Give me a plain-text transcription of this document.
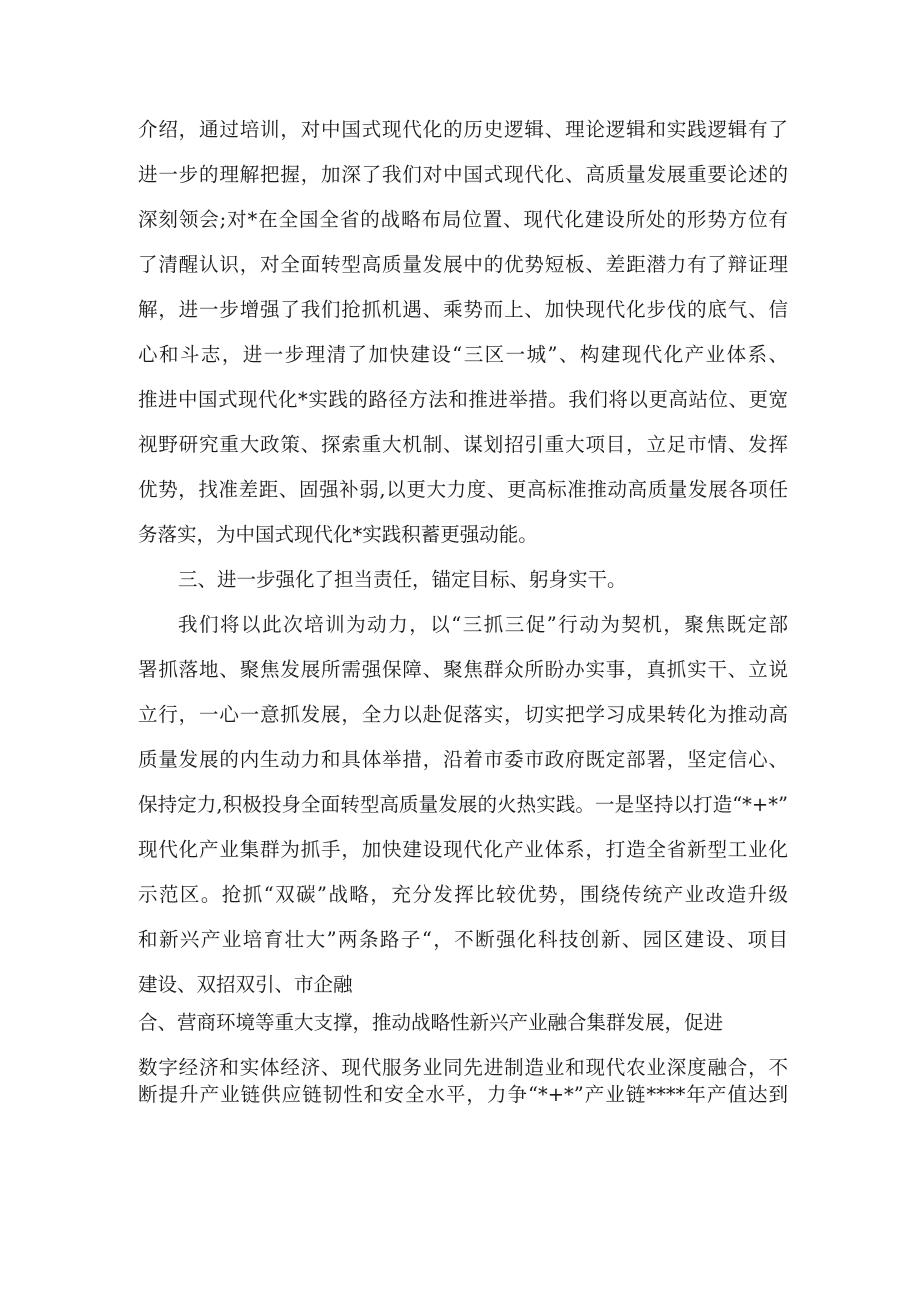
介绍，通过培训，对中国式现代化的历史逻辑、理论逻辑和实践逻辑有了
进一步的理解把握，加深了我们对中国式现代化、高质量发展重要论述的
深刻领会;对*在全国全省的战略布局位置、现代化建设所处的形势方位有
了清醒认识，对全面转型高质量发展中的优势短板、差距潜力有了辩证理
解，进一步增强了我们抢抓机遇、乘势而上、加快现代化步伐的底气、信
心和斗志，进一步理清了加快建设“三区一城”、构建现代化产业体系、
推进中国式现代化*实践的路径方法和推进举措。我们将以更高站位、更宽
视野研究重大政策、探索重大机制、谋划招引重大项目，立足市情、发挥
优势，找准差距、固强补弱,以更大力度、更高标准推动高质量发展各项任
务落实，为中国式现代化*实践积蓄更强动能。
三、进一步强化了担当责任，锚定目标、躬身实干。
我们将以此次培训为动力，以“三抓三促”行动为契机，聚焦既定部
署抓落地、聚焦发展所需强保障、聚焦群众所盼办实事，真抓实干、立说
立行，一心一意抓发展，全力以赴促落实，切实把学习成果转化为推动高
质量发展的内生动力和具体举措，沿着市委市政府既定部署，坚定信心、
保持定力,积极投身全面转型高质量发展的火热实践。一是坚持以打造“*+*”
现代化产业集群为抓手，加快建设现代化产业体系，打造全省新型工业化
示范区。抢抓“双碳”战略，充分发挥比较优势，围绕传统产业改造升级
和新兴产业培育壮大”两条路子“，不断强化科技创新、园区建设、项目
建设、双招双引、市企融
合、营商环境等重大支撑，推动战略性新兴产业融合集群发展，促进
数字经济和实体经济、现代服务业同先进制造业和现代农业深度融合，不
断提升产业链供应链韧性和安全水平，力争“*+*”产业链****年产值达到
